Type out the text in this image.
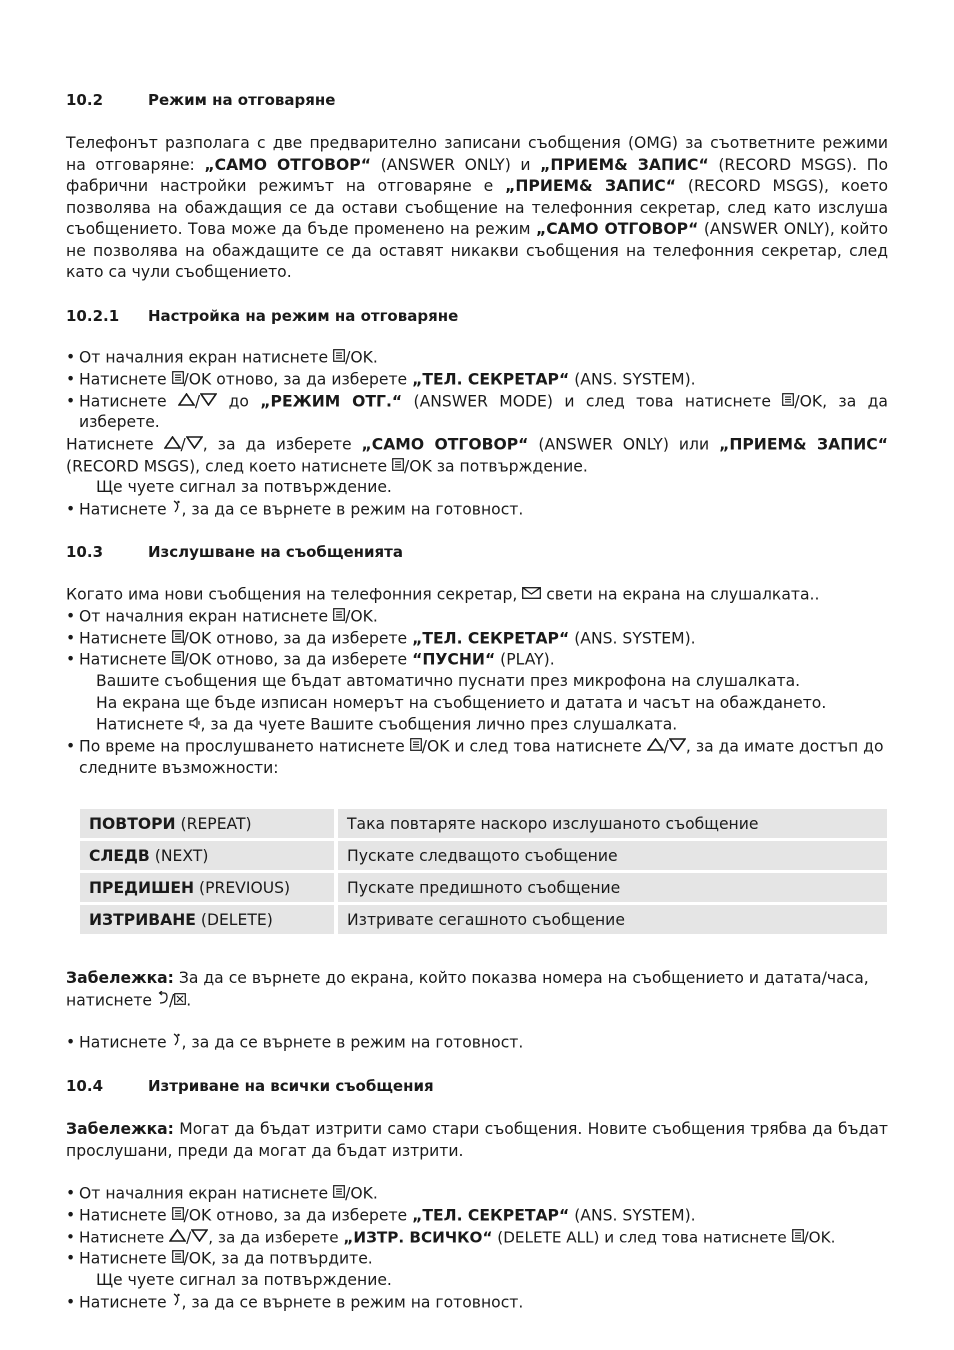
10.2	Режим на отговаряне
Телефонът разполага с две предварително записани съобщения (OMG) за съответните режими на отговаряне: „САМО ОТГОВОР“ (ANSWER ONLY) и „ПРИЕМ& ЗАПИС“ (RECORD MSGS). По фабрични настройки режимът на отговаряне е „ПРИЕМ& ЗАПИС“ (RECORD MSGS), което позволява на обаждащия се да остави съобщение на телефонния секретар, след като изслуша съобщението. Това може да бъде променено на режим „САМО ОТГОВОР“ (ANSWER ONLY), който не позволява на обаждащите се да оставят никакви съобщения на телефонния секретар, след като са чули съобщението.
10.2.1	Настройка на режим на отговаряне
• От началния екран натиснете /OK.
• Натиснете /OK отново, за да изберете „ТЕЛ. СЕКРЕТАР“ (ANS. SYSTEM).
• Натиснете / до „РЕЖИМ ОТГ.“ (ANSWER MODE) и след това натиснете /OK, за да изберете.
Натиснете / , за да изберете „САМО ОТГОВОР“ (ANSWER ONLY) или „ПРИЕМ& ЗАПИС“ (RECORD MSGS), след което натиснете /OK за потвърждение.
Ще чуете сигнал за потвърждение.
• Натиснете , за да се върнете в режим на готовност.
10.3	Изслушване на съобщенията
Когато има нови съобщения на телефонния секретар,  свети на екрана на слушалката..
• От началния екран натиснете /OK.
• Натиснете /OK отново, за да изберете „ТЕЛ. СЕКРЕТАР“ (ANS. SYSTEM).
• Натиснете /OK отново, за да изберете “ПУСНИ“ (PLAY).
Вашите съобщения ще бъдат автоматично пуснати през микрофона на слушалката.
На екрана ще бъде изписан номерът на съобщението и датата и часът на обаждането.
Натиснете , за да чуете Вашите съобщения лично през слушалката.
• По време на прослушването натиснете /OK и след това натиснете / , за да имате достъп до следните възможности:
ПОВТОРИ (REPEAT)	Така повтаряте наскоро изслушаното съобщение
СЛЕДВ (NEXT)	Пускате следващото съобщение
ПРЕДИШЕН (PREVIOUS)	Пускате предишното съобщение
ИЗТРИВАНЕ (DELETE)	Изтривате сегашното съобщение
Забележка: За да се върнете до екрана, който показва номера на съобщението и датата/часа, натиснете / .
• Натиснете , за да се върнете в режим на готовност.
10.4	Изтриване на всички съобщения
Забележка: Могат да бъдат изтрити само стари съобщения. Новите съобщения трябва да бъдат прослушани, преди да могат да бъдат изтрити.
• От началния екран натиснете /OK.
• Натиснете /OK отново, за да изберете „ТЕЛ. СЕКРЕТАР“ (ANS. SYSTEM).
• Натиснете / , за да изберете „ИЗТР. ВСИЧКО“ (DELETE ALL) и след това натиснете /OK.
• Натиснете /OK, за да потвърдите.
Ще чуете сигнал за потвърждение.
• Натиснете , за да се върнете в режим на готовност.
